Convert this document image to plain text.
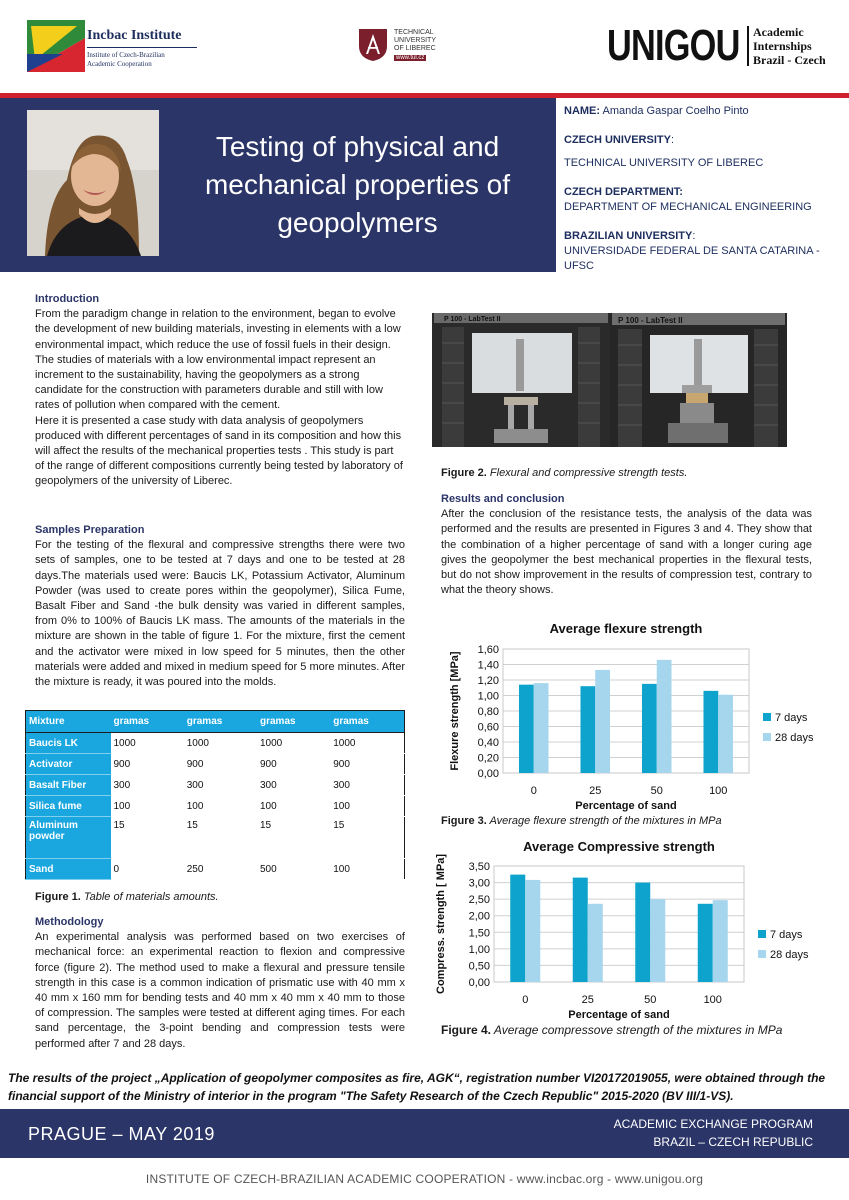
Incbac Institute
Institute of Czech-Brazilian
Academic Cooperation
TECHNICAL
UNIVERSITY
OF LIBEREC
www.tul.cz	UNIGOU Academic
Internships
Brazil - Czech
Testing of physical and mechanical properties of geopolymers

NAME: Amanda Gaspar Coelho Pinto

CZECH UNIVERSITY:

TECHNICAL UNIVERSITY OF LIBEREC

CZECH DEPARTMENT:
DEPARTMENT OF MECHANICAL ENGINEERING

BRAZILIAN UNIVERSITY:
UNIVERSIDADE FEDERAL DE SANTA CATARINA - UFSC

Introduction
From the paradigm change in relation to the environment, began to evolve the development of new building materials, investing in elements with a low environmental impact, which reduce the use of fossil fuels in their design. The studies of materials with a low environmental impact represent an increment to the sustainability, having the geopolymers as a strong candidate for the construction with parameters durable and still with low rates of pollution when compared with the cement.
Here it is presented a case study with data analysis of geopolymers produced with different percentages of sand in its composition and how this will affect the results of the mechanical properties tests . This study is part of the range of different compositions currently being tested by laboratory of geopolymers of the university of Liberec.
Samples Preparation
For the testing of the flexural and compressive strengths there were two sets of samples, one to be tested at 7 days and one to be tested at 28 days.The materials used were: Baucis LK, Potassium Activator, Aluminum Powder (was used to create pores within the geopolymer), Silica Fume, Basalt Fiber and Sand -the bulk density was varied in different samples, from 0% to 100% of Baucis LK mass. The amounts of the materials in the mixture are shown in the table of figure 1. For the mixture, first the cement and the activator were mixed in low speed for 5 minutes, then the other materials were added and mixed in medium speed for 5 more minutes. After the mixture is ready, it was poured into the molds.
Mixture	gramas	gramas	gramas	gramas
Baucis LK	1000	1000	1000	1000
Activator	900	900	900	900
Basalt Fiber	300	300	300	300
Silica fume	100	100	100	100
Aluminum powder	15	15	15	15
Sand	0	250	500	100
Figure 1. Table of materials amounts.
Methodology
An experimental analysis was performed based on two exercises of mechanical force: an experimental reaction to flexion and compressive force (figure 2). The method used to make a flexural and pressure tensile strength in this case is a common indication of prismatic use with 40 mm x 40 mm x 160 mm for bending tests and 40 mm x 40 mm x 40 mm to those of compression. The samples were tested at different aging times. For each sand percentage, the 3-point bending and compression tests were performed after 7 and 28 days.
P 100 - LabTest II	P 100 - LabTest II
Figure 2. Flexural and compressive strength tests.
Results and conclusion
After the conclusion of the resistance tests, the analysis of the data was performed and the results are presented in Figures 3 and 4. They show that the combination of a higher percentage of sand with a longer curing age gives the geopolymer the best mechanical properties in the flexural tests, but do not show improvement in the results of compression test, contrary to what the theory shows.
Average flexure strength
0,00
0,20
0,40
0,60
0,80
1,00
1,20
1,40
1,60
0	25	50	100
Percentage of sand
Flexure strength [MPa]	7 days
28 days
Figure 3. Average flexure strength of the mixtures in MPa
Average Compressive strength
0,00
0,50
1,00
1,50
2,00
2,50
3,00
3,50
0	25	50	100
Percentage of sand
Compress. strength [ MPa]	7 days
28 days
Figure 4. Average compressove strength of the mixtures in MPa
The results of the project „Application of geopolymer composites as fire, AGK“, registration number VI20172019055, were obtained through the financial support of the Ministry of interior in the program "The Safety Research of the Czech Republic" 2015-2020 (BV III/1-VS).
PRAGUE – MAY 2019	ACADEMIC EXCHANGE PROGRAM
BRAZIL – CZECH REPUBLIC
INSTITUTE OF CZECH-BRAZILIAN ACADEMIC COOPERATION - www.incbac.org - www.unigou.org
